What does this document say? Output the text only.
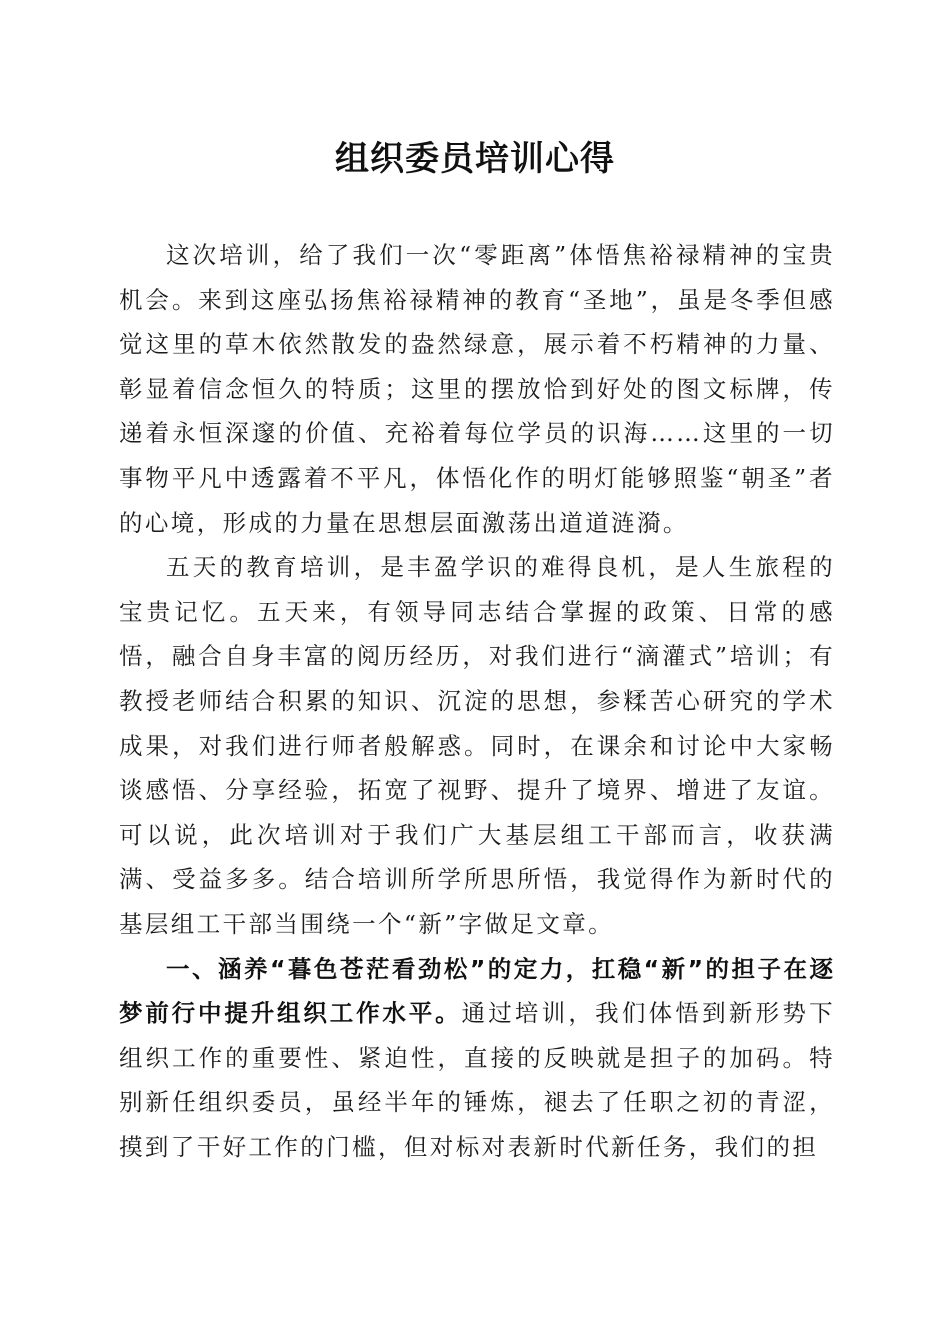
组织委员培训心得

这次培训，给了我们一次“零距离”体悟焦裕禄精神的宝贵机会。来到这座弘扬焦裕禄精神的教育“圣地”，虽是冬季但感觉这里的草木依然散发的盎然绿意，展示着不朽精神的力量、彰显着信念恒久的特质；这里的摆放恰到好处的图文标牌，传递着永恒深邃的价值、充裕着每位学员的识海……这里的一切事物平凡中透露着不平凡，体悟化作的明灯能够照鉴“朝圣”者的心境，形成的力量在思想层面激荡出道道涟漪。

五天的教育培训，是丰盈学识的难得良机，是人生旅程的宝贵记忆。五天来，有领导同志结合掌握的政策、日常的感悟，融合自身丰富的阅历经历，对我们进行“滴灌式”培训；有教授老师结合积累的知识、沉淀的思想，参糅苦心研究的学术成果，对我们进行师者般解惑。同时，在课余和讨论中大家畅谈感悟、分享经验，拓宽了视野、提升了境界、增进了友谊。可以说，此次培训对于我们广大基层组工干部而言，收获满满、受益多多。结合培训所学所思所悟，我觉得作为新时代的基层组工干部当围绕一个“新”字做足文章。

一、涵养“暮色苍茫看劲松”的定力，扛稳“新”的担子在逐梦前行中提升组织工作水平。通过培训，我们体悟到新形势下组织工作的重要性、紧迫性，直接的反映就是担子的加码。特别新任组织委员，虽经半年的锤炼，褪去了任职之初的青涩，摸到了干好工作的门槛，但对标对表新时代新任务，我们的担
